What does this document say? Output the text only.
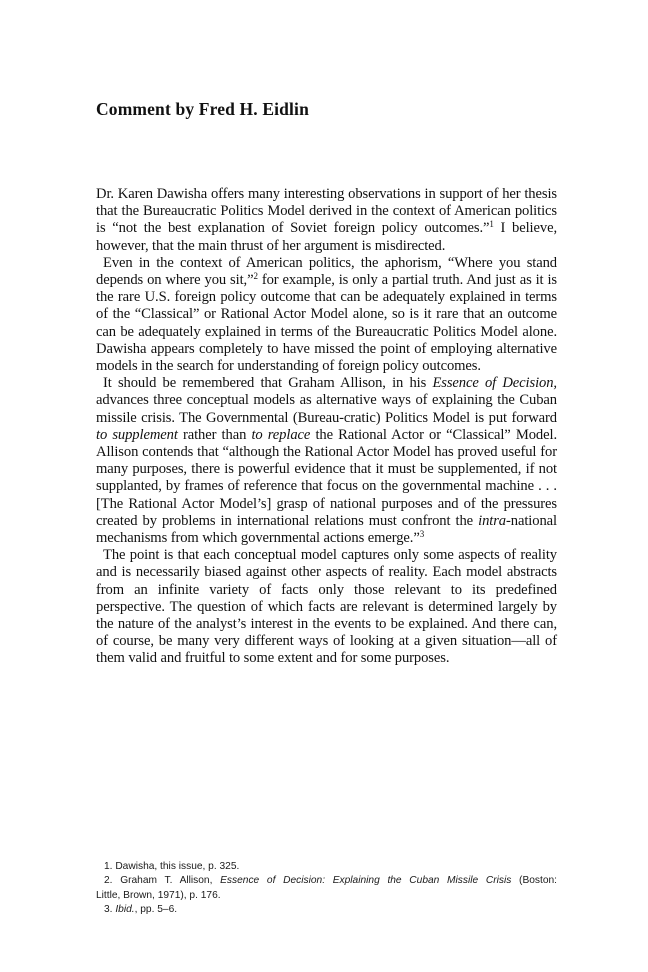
Comment by Fred H. Eidlin

Dr. Karen Dawisha offers many interesting observations in support of her thesis that the Bureaucratic Politics Model derived in the context of American politics is “not the best explanation of Soviet foreign policy outcomes.”$^1$ I believe, however, that the main thrust of her argument is misdirected.

Even in the context of American politics, the aphorism, “Where you stand depends on where you sit,”$^2$ for example, is only a partial truth. And just as it is the rare U.S. foreign policy outcome that can be adequately explained in terms of the “Classical” or Rational Actor Model alone, so is it rare that an outcome can be adequately explained in terms of the Bureaucratic Politics Model alone. Dawisha appears completely to have missed the point of employing alternative models in the search for understanding of foreign policy outcomes.

It should be remembered that Graham Allison, in his Essence of Decision, advances three conceptual models as alternative ways of explaining the Cuban missile crisis. The Governmental (Bureau-cratic) Politics Model is put forward to supplement rather than to replace the Rational Actor or “Classical” Model. Allison contends that “although the Rational Actor Model has proved useful for many purposes, there is powerful evidence that it must be supplemented, if not supplanted, by frames of reference that focus on the governmental machine . . . [The Rational Actor Model’s] grasp of national purposes and of the pressures created by problems in international relations must confront the intra-national mechanisms from which governmental actions emerge.”$^3$

The point is that each conceptual model captures only some aspects of reality and is necessarily biased against other aspects of reality. Each model abstracts from an infinite variety of facts only those relevant to its predefined perspective. The question of which facts are relevant is determined largely by the nature of the analyst’s interest in the events to be explained. And there can, of course, be many very different ways of looking at a given situation—all of them valid and fruitful to some extent and for some purposes.

1. Dawisha, this issue, p. 325.

2. Graham T. Allison, Essence of Decision: Explaining the Cuban Missile Crisis (Boston:

Little, Brown, 1971), p. 176.

3. Ibid., pp. 5–6.
